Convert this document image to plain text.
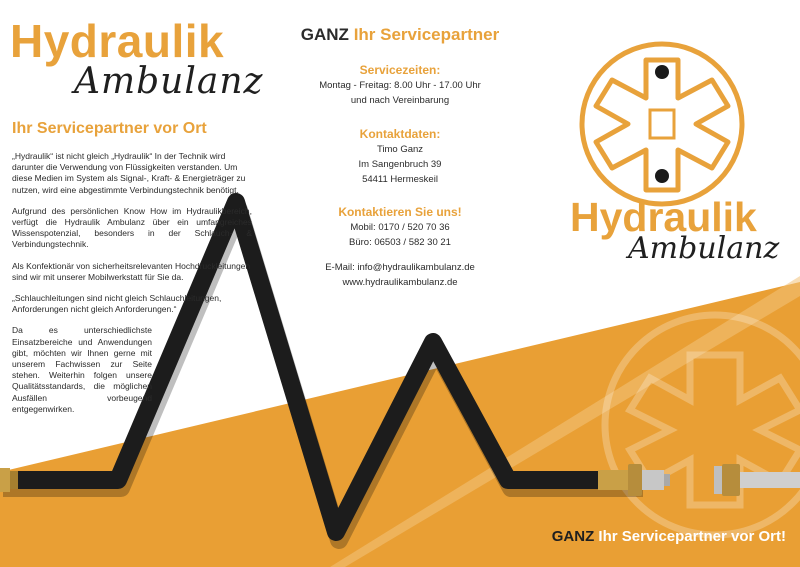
Hydraulik
Ambulanz
Ihr Servicepartner vor Ort

„Hydraulik“ ist nicht gleich „Hydraulik“ In der Technik wird darunter die Verwendung von Flüssigkeiten verstanden. Um diese Medien im System als Signal-, Kraft- & Energieträger zu nutzen, wird eine abgestimmte Verbindungstechnik benötigt.

Aufgrund des persönlichen Know How im Hydraulikbereich, verfügt die Hydraulik Ambulanz über ein umfangreiches Wissenspotenzial, besonders in der Schlauch- & Verbindungstechnik.

Als Konfektionär von sicherheitsrelevanten Hochdruckleitungen sind wir mit unserer Mobilwerkstatt für Sie da.

„Schlauchleitungen sind nicht gleich Schlauchleitungen, Anforderungen nicht gleich Anforderungen.“

Da es unterschiedlichste Einsatzbereiche und Anwendungen gibt, möchten wir Ihnen gerne mit unserem Fachwissen zur Seite stehen. Weiterhin folgen unsere Qualitätsstandards, die möglichen Ausfällen vorbeugend entgegenwirken.

GANZ Ihr Servicepartner
Servicezeiten:
Montag - Freitag: 8.00 Uhr - 17.00 Uhr
und nach Vereinbarung
Kontaktdaten:
Timo Ganz
Im Sangenbruch 39
54411 Hermeskeil
Kontaktieren Sie uns!
Mobil: 0170 / 520 70 36
Büro: 06503 / 582 30 21
E-Mail: info@hydraulikambulanz.de
www.hydraulikambulanz.de
Hydraulik
Ambulanz
GANZ Ihr Servicepartner vor Ort!
